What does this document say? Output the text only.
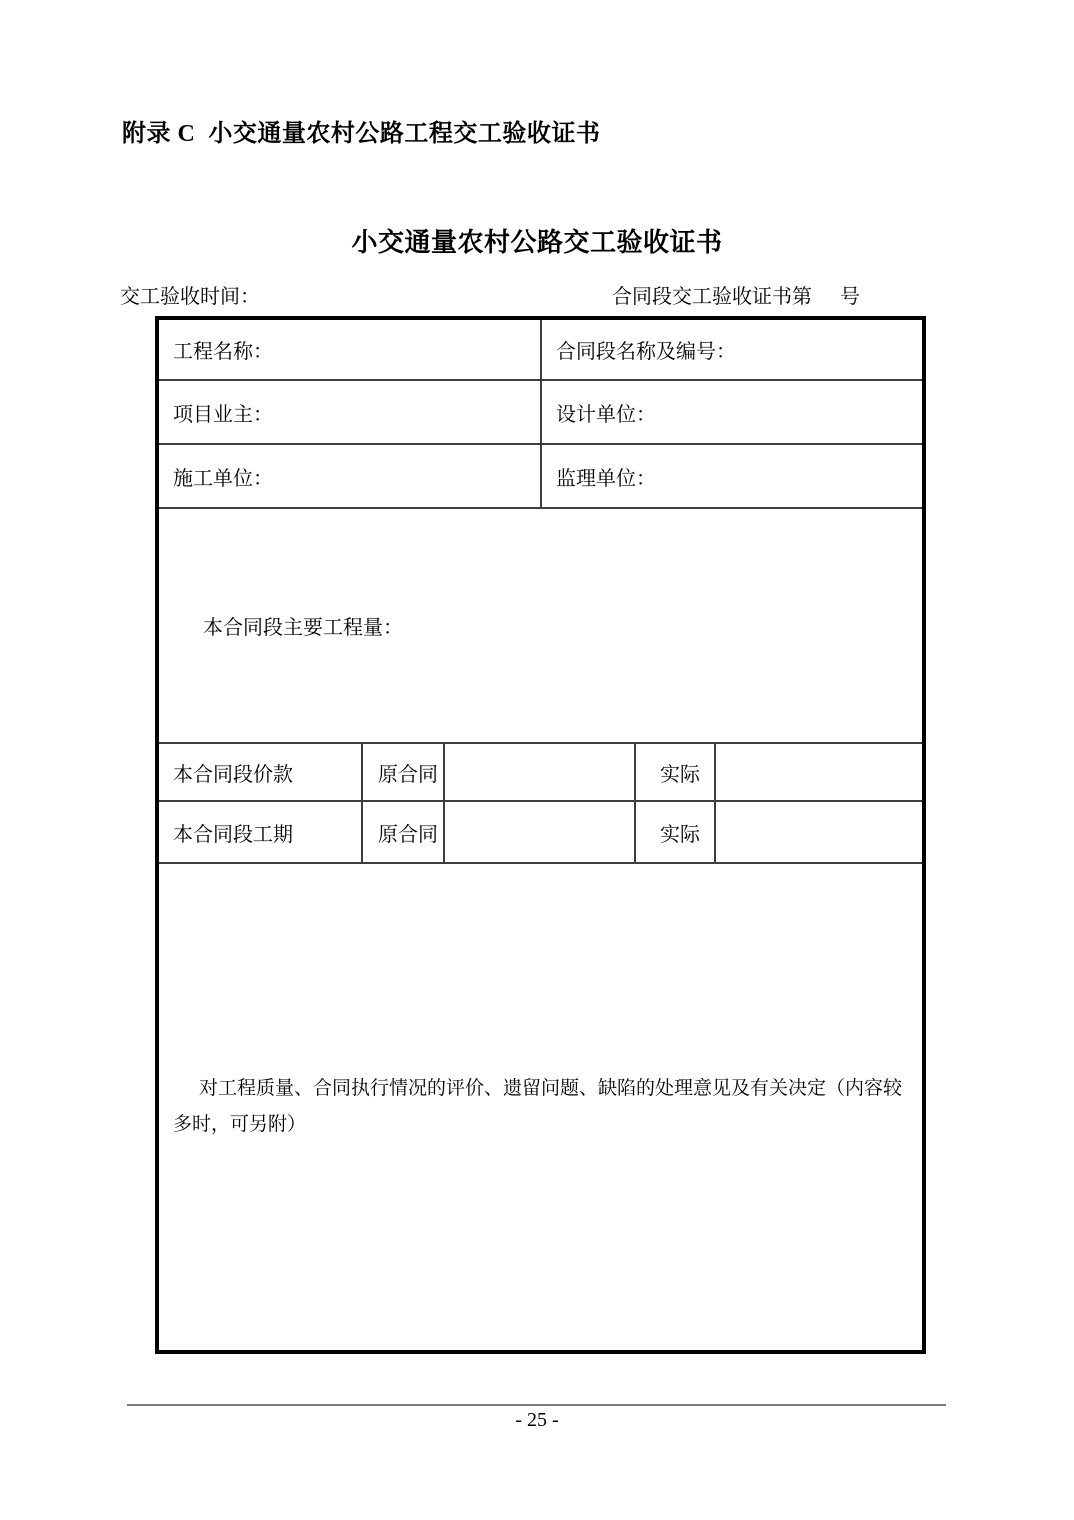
附录 C  小交通量农村公路工程交工验收证书
小交通量农村公路交工验收证书
交工验收时间：	合同段交工验收证书第 号
工程名称：			合同段名称及编号：		
项目业主：			设计单位：		
施工单位：			监理单位：		
本合同段主要工程量：					
本合同段价款	原合同			实际	
本合同段工期	原合同			实际	
对工程质量、合同执行情况的评价、遗留问题、缺陷的处理意见及有关决定（内容较多时，可另附）					
- 25 -
